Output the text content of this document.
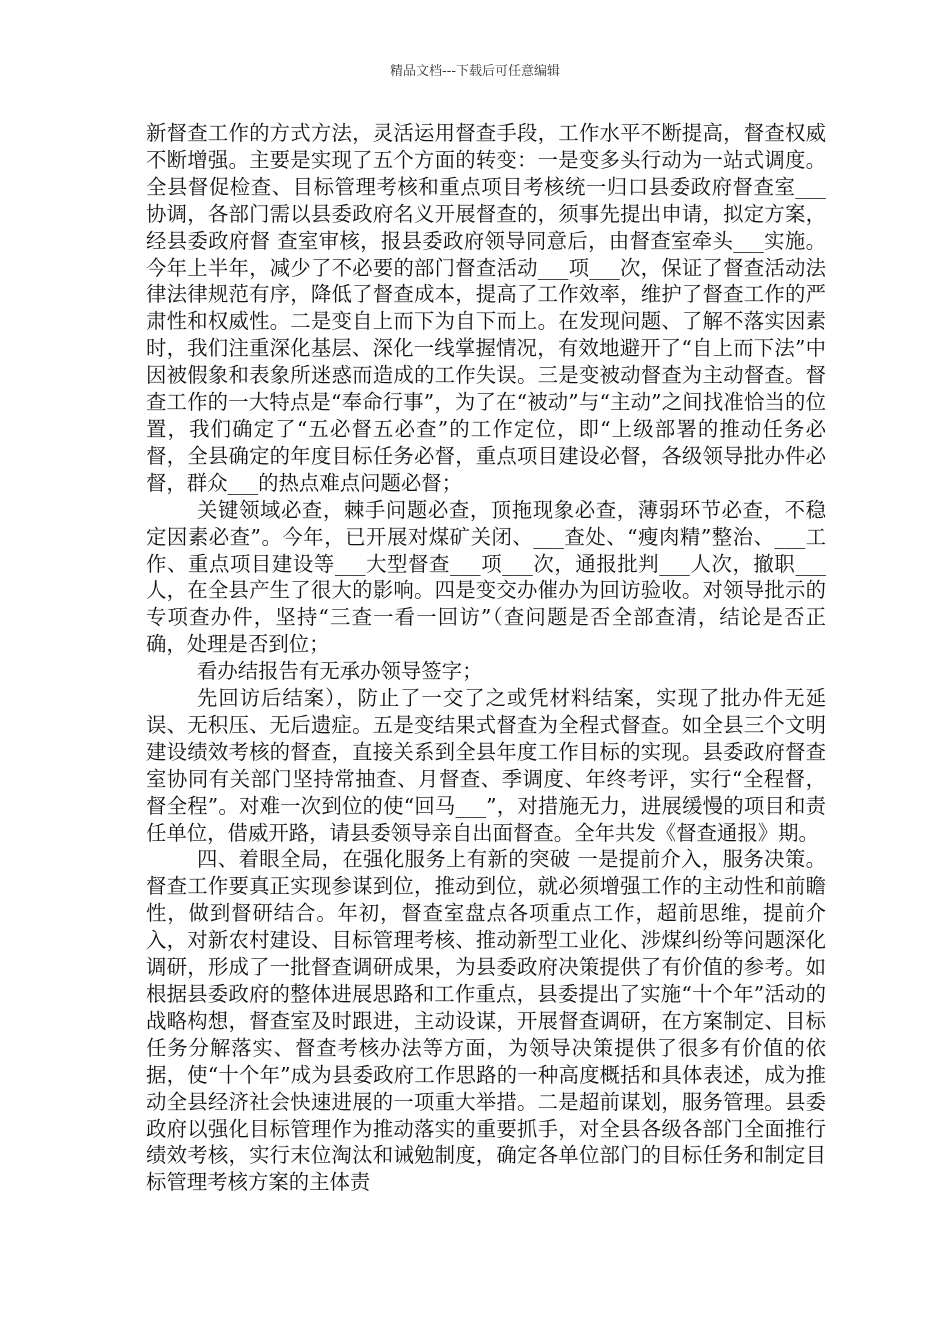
精品文档---下载后可任意编辑

新督查工作的方式方法，灵活运用督查手段，工作水平不断提高，督查权威不断增强。主要是实现了五个方面的转变：一是变多头行动为一站式调度。全县督促检查、目标管理考核和重点项目考核统一归口县委政府督查室___协调，各部门需以县委政府名义开展督查的，须事先提出申请，拟定方案，经县委政府督 查室审核，报县委政府领导同意后，由督查室牵头___实施。今年上半年，减少了不必要的部门督查活动___项___次，保证了督查活动法律法律规范有序，降低了督查成本，提高了工作效率，维护了督查工作的严肃性和权威性。二是变自上而下为自下而上。在发现问题、了解不落实因素时，我们注重深化基层、深化一线掌握情况，有效地避开了“自上而下法”中因被假象和表象所迷惑而造成的工作失误。三是变被动督查为主动督查。督查工作的一大特点是“奉命行事”，为了在“被动”与“主动”之间找准恰当的位置，我们确定了“五必督五必查”的工作定位，即“上级部署的推动任务必督，全县确定的年度目标任务必督，重点项目建设必督，各级领导批办件必督，群众___的热点难点问题必督；

关键领域必查，棘手问题必查，顶拖现象必查，薄弱环节必查，不稳定因素必查”。今年，已开展对煤矿关闭、___查处、“瘦肉精”整治、___工作、重点项目建设等___大型督查___项___次，通报批判___人次，撤职___人，在全县产生了很大的影响。四是变交办催办为回访验收。对领导批示的专项查办件，坚持“三查一看一回访”（查问题是否全部查清，结论是否正确，处理是否到位；

看办结报告有无承办领导签字；

先回访后结案），防止了一交了之或凭材料结案，实现了批办件无延误、无积压、无后遗症。五是变结果式督查为全程式督查。如全县三个文明建设绩效考核的督查，直接关系到全县年度工作目标的实现。县委政府督查室协同有关部门坚持常抽查、月督查、季调度、年终考评，实行“全程督，督全程”。对难一次到位的使“回马___”，对措施无力，进展缓慢的项目和责任单位，借威开路，请县委领导亲自出面督查。全年共发《督查通报》期。

四、着眼全局，在强化服务上有新的突破 一是提前介入，服务决策。督查工作要真正实现参谋到位，推动到位，就必须增强工作的主动性和前瞻性，做到督研结合。年初，督查室盘点各项重点工作，超前思维，提前介入，对新农村建设、目标管理考核、推动新型工业化、涉煤纠纷等问题深化调研，形成了一批督查调研成果，为县委政府决策提供了有价值的参考。如根据县委政府的整体进展思路和工作重点，县委提出了实施“十个年”活动的战略构想，督查室及时跟进，主动设谋，开展督查调研，在方案制定、目标任务分解落实、督查考核办法等方面，为领导决策提供了很多有价值的依据，使“十个年”成为县委政府工作思路的一种高度概括和具体表述，成为推动全县经济社会快速进展的一项重大举措。二是超前谋划，服务管理。县委政府以强化目标管理作为推动落实的重要抓手，对全县各级各部门全面推行绩效考核，实行末位淘汰和诫勉制度，确定各单位部门的目标任务和制定目标管理考核方案的主体责
